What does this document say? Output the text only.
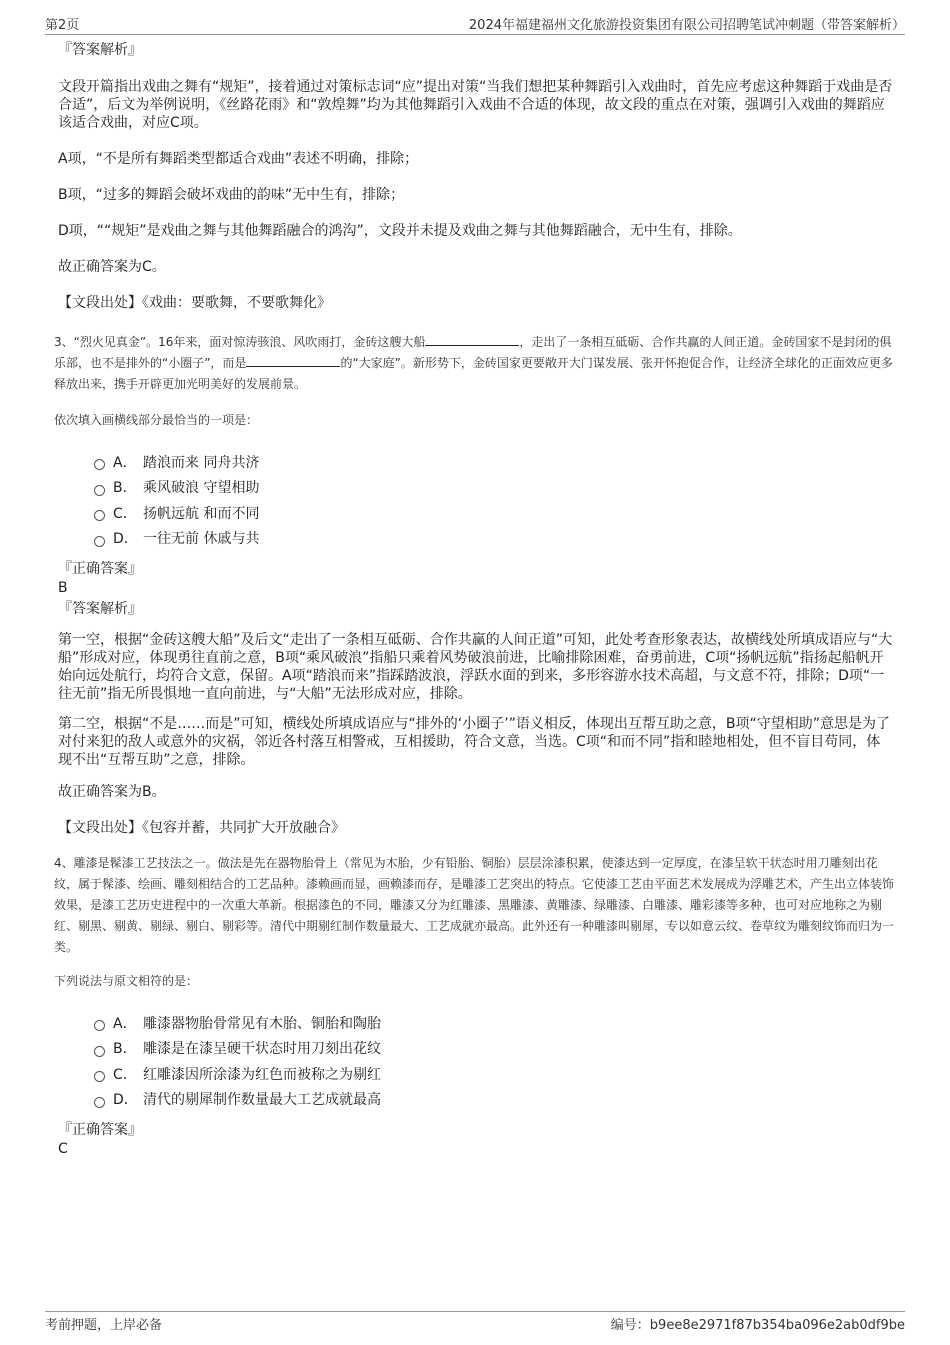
第2页	2024年福建福州文化旅游投资集团有限公司招聘笔试冲刺题（带答案解析）

『答案解析』

文段开篇指出戏曲之舞有“规矩”，接着通过对策标志词“应”提出对策“当我们想把某种舞蹈引入戏曲时，首先应考虑这种舞蹈于戏曲是否合适”，后文为举例说明，《丝路花雨》和“敦煌舞”均为其他舞蹈引入戏曲不合适的体现，故文段的重点在对策，强调引入戏曲的舞蹈应该适合戏曲，对应C项。

A项，“不是所有舞蹈类型都适合戏曲”表述不明确，排除；

B项，“过多的舞蹈会破坏戏曲的韵味”无中生有，排除；

D项，““规矩”是戏曲之舞与其他舞蹈融合的鸿沟”，文段并未提及戏曲之舞与其他舞蹈融合，无中生有，排除。

故正确答案为C。

【文段出处】《戏曲：要歌舞，不要歌舞化》

3、“烈火见真金”。16年来，面对惊涛骇浪、风吹雨打，金砖这艘大船	，走出了一条相互砥砺、合作共赢的人间正道。金砖国家不是封闭的俱乐部，也不是排外的“小圈子”，而是	的“大家庭”。新形势下，金砖国家更要敞开大门谋发展、张开怀抱促合作，让经济全球化的正面效应更多释放出来，携手开辟更加光明美好的发展前景。

依次填入画横线部分最恰当的一项是：

A． 踏浪而来 同舟共济
B． 乘风破浪 守望相助
C． 扬帆远航 和而不同
D． 一往无前 休戚与共

『正确答案』

B

『答案解析』

第一空，根据“金砖这艘大船”及后文“走出了一条相互砥砺、合作共赢的人间正道”可知，此处考查形象表达，故横线处所填成语应与“大船”形成对应，体现勇往直前之意，B项“乘风破浪”指船只乘着风势破浪前进，比喻排除困难，奋勇前进，C项“扬帆远航”指扬起船帆开始向远处航行，均符合文意，保留。A项“踏浪而来”指踩踏波浪，浮跃水面的到来，多形容游水技术高超，与文意不符，排除；D项“一往无前”指无所畏惧地一直向前进，与“大船”无法形成对应，排除。

第二空，根据“不是……而是”可知，横线处所填成语应与“排外的‘小圈子’”语义相反，体现出互帮互助之意，B项“守望相助”意思是为了对付来犯的敌人或意外的灾祸，邻近各村落互相警戒，互相援助，符合文意，当选。C项“和而不同”指和睦地相处，但不盲目苟同，体现不出“互帮互助”之意，排除。

故正确答案为B。

【文段出处】《包容并蓄，共同扩大开放融合》

4、雕漆是髹漆工艺技法之一。做法是先在器物胎骨上（常见为木胎，少有铅胎、铜胎）层层涂漆积累，使漆达到一定厚度，在漆呈软干状态时用刀雕刻出花纹，属于髹漆、绘画、雕刻相结合的工艺品种。漆赖画而显，画赖漆而存，是雕漆工艺突出的特点。它使漆工艺由平面艺术发展成为浮雕艺术，产生出立体装饰效果，是漆工艺历史进程中的一次重大革新。根据漆色的不同，雕漆又分为红雕漆、黑雕漆、黄雕漆、绿雕漆、白雕漆、雕彩漆等多种，也可对应地称之为剔红、剔黑、剔黄、剔绿、剔白、剔彩等。清代中期剔红制作数量最大、工艺成就亦最高。此外还有一种雕漆叫剔犀，专以如意云纹、卷草纹为雕刻纹饰而归为一类。

下列说法与原文相符的是：

A． 雕漆器物胎骨常见有木胎、铜胎和陶胎
B． 雕漆是在漆呈硬干状态时用刀刻出花纹
C． 红雕漆因所涂漆为红色而被称之为剔红
D． 清代的剔犀制作数量最大工艺成就最高

『正确答案』

C

考前押题，上岸必备	编号：b9ee8e2971f87b354ba096e2ab0df9be
